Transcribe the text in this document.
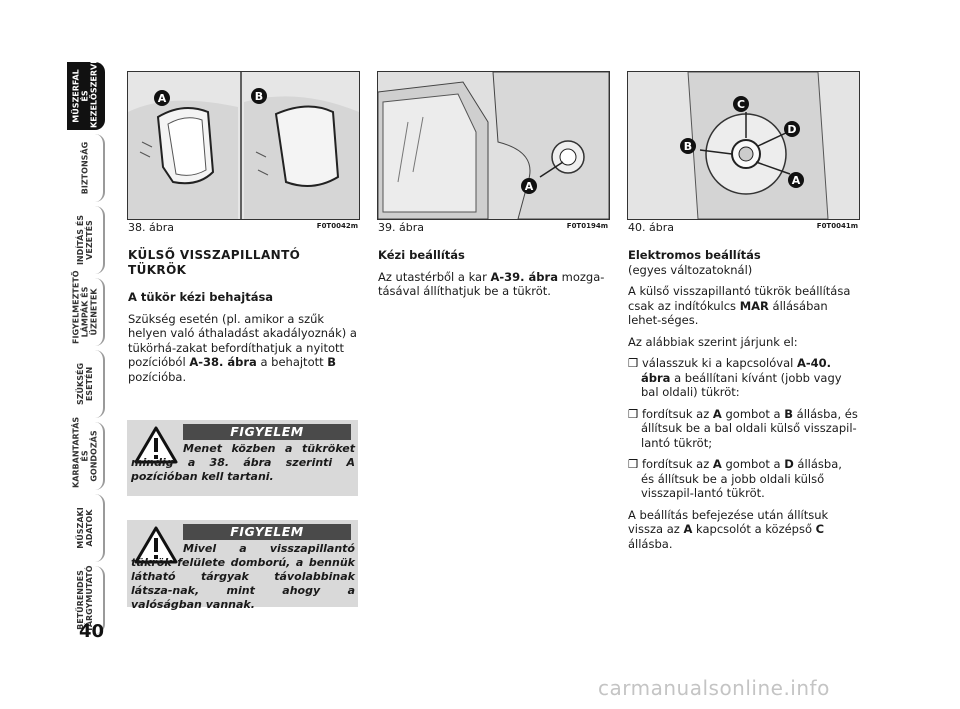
MŰSZERFAL ÉS
KEZELŐSZERVEK
BIZTONSÁG
INDÍTÁS ÉS
VEZETÉS
FIGYELMEZTETŐ
LÁMPÁK ÉS
ÜZENETEK
SZÜKSÉG
ESETÉN
KARBANTARTÁS
ÉS GONDOZÁS
MŰSZAKI
ADATOK
BETŰRENDES
TÁRGYMUTATÓ
40
A	B
38. ábra	F0T0042m
A
39. ábra	F0T0194m
C
D
B
A
40. ábra	F0T0041m
KÜLSŐ VISSZAPILLANTÓ TÜKRÖK

A tükör kézi behajtása

Szükség esetén (pl. amikor a szűk helyen való áthaladást akadályoznák) a tükörhá-zakat befordíthatjuk a nyitott pozícióból A-38. ábra a behajtott B pozícióba.

FIGYELEM
Menet közben a tükröket mindig a 38. ábra szerinti A pozícióban kell tartani.
FIGYELEM
Mivel a visszapillantó tükrök felülete domború, a bennük látható tárgyak távolabbinak látsza-nak, mint ahogy a valóságban vannak.

Kézi beállítás

Az utastérből a kar A-39. ábra mozga-tásával állíthatjuk be a tükröt.

Elektromos beállítás

(egyes változatoknál)

A külső visszapillantó tükrök beállítása csak az indítókulcs MAR állásában lehet-séges.

Az alábbiak szerint járjunk el:

❒ válasszuk ki a kapcsolóval A-40. ábra a beállítani kívánt (jobb vagy bal oldali) tükröt:

❒ fordítsuk az A gombot a B állásba, és állítsuk be a bal oldali külső visszapil-lantó tükröt;

❒ fordítsuk az A gombot a D állásba, és állítsuk be a jobb oldali külső visszapil-lantó tükröt.

A beállítás befejezése után állítsuk vissza az A kapcsolót a középső C állásba.

carmanualsonline.info
